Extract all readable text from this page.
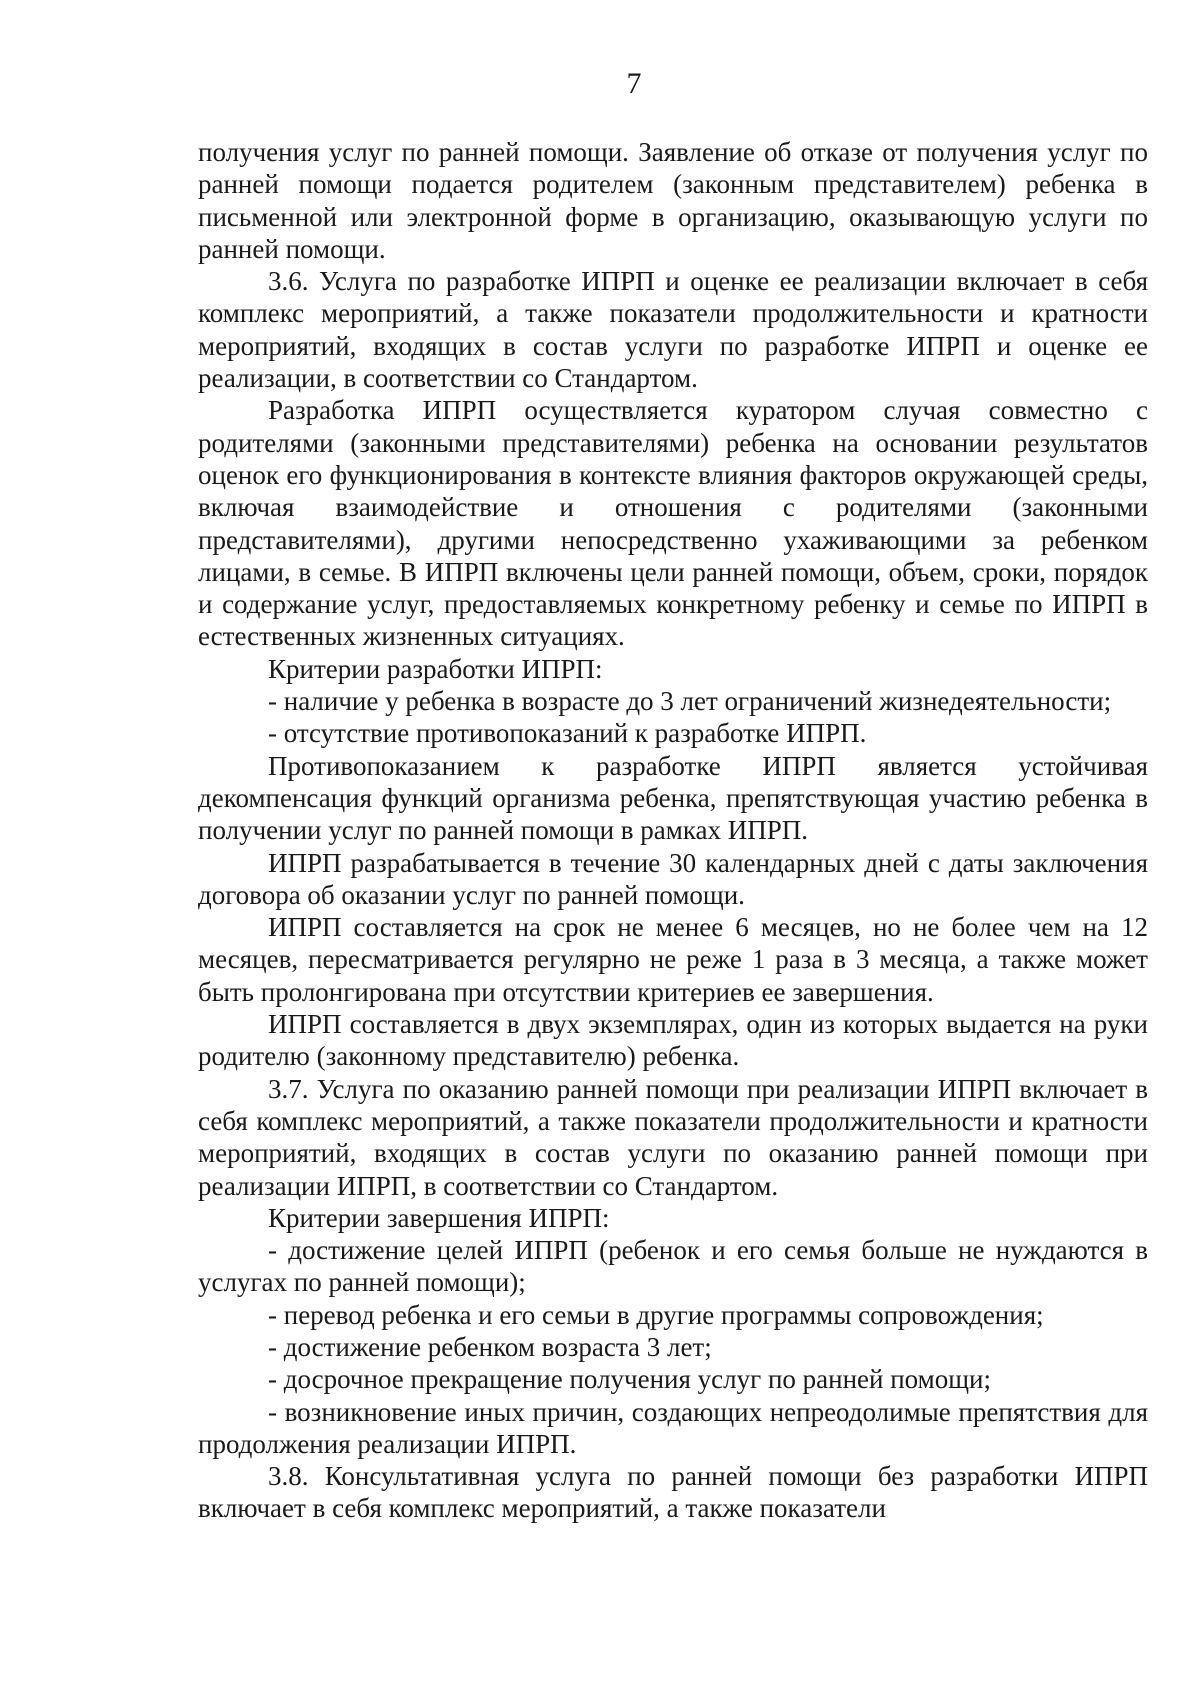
7

получения услуг по ранней помощи. Заявление об отказе от получения услуг по ранней помощи подается родителем (законным представителем) ребенка в письменной или электронной форме в организацию, оказывающую услуги по ранней помощи.

3.6. Услуга по разработке ИПРП и оценке ее реализации включает в себя комплекс мероприятий, а также показатели продолжительности и кратности мероприятий, входящих в состав услуги по разработке ИПРП и оценке ее реализации, в соответствии со Стандартом.

Разработка ИПРП осуществляется куратором случая совместно с родителями (законными представителями) ребенка на основании результатов оценок его функционирования в контексте влияния факторов окружающей среды, включая взаимодействие и отношения с родителями (законными представителями), другими непосредственно ухаживающими за ребенком лицами, в семье. В ИПРП включены цели ранней помощи, объем, сроки, порядок и содержание услуг, предоставляемых конкретному ребенку и семье по ИПРП в естественных жизненных ситуациях.

Критерии разработки ИПРП:

- наличие у ребенка в возрасте до 3 лет ограничений жизнедеятельности;

- отсутствие противопоказаний к разработке ИПРП.

Противопоказанием к разработке ИПРП является устойчивая декомпенсация функций организма ребенка, препятствующая участию ребенка в получении услуг по ранней помощи в рамках ИПРП.

ИПРП разрабатывается в течение 30 календарных дней с даты заключения договора об оказании услуг по ранней помощи.

ИПРП составляется на срок не менее 6 месяцев, но не более чем на 12 месяцев, пересматривается регулярно не реже 1 раза в 3 месяца, а также может быть пролонгирована при отсутствии критериев ее завершения.

ИПРП составляется в двух экземплярах, один из которых выдается на руки родителю (законному представителю) ребенка.

3.7. Услуга по оказанию ранней помощи при реализации ИПРП включает в себя комплекс мероприятий, а также показатели продолжительности и кратности мероприятий, входящих в состав услуги по оказанию ранней помощи при реализации ИПРП, в соответствии со Стандартом.

Критерии завершения ИПРП:

- достижение целей ИПРП (ребенок и его семья больше не нуждаются в услугах по ранней помощи);

- перевод ребенка и его семьи в другие программы сопровождения;

- достижение ребенком возраста 3 лет;

- досрочное прекращение получения услуг по ранней помощи;

- возникновение иных причин, создающих непреодолимые препятствия для продолжения реализации ИПРП.

3.8. Консультативная услуга по ранней помощи без разработки ИПРП включает в себя комплекс мероприятий, а также показатели
